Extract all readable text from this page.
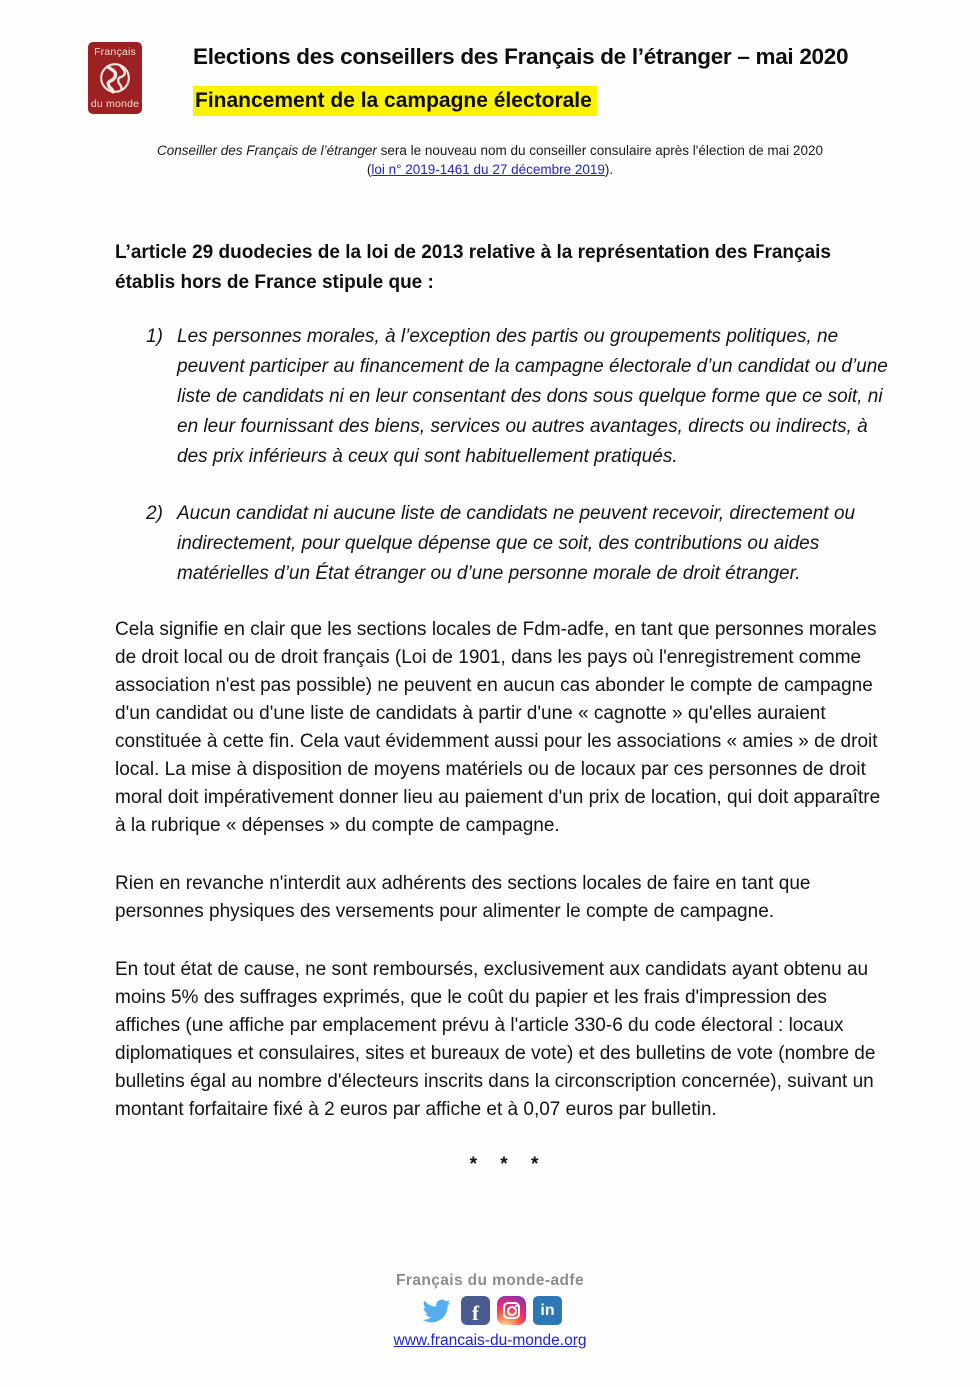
Français
du monde
Elections des conseillers des Français de l’étranger – mai 2020
Financement de la campagne électorale
Conseiller des Français de l’étranger sera le nouveau nom du conseiller consulaire après l'élection de mai 2020
(loi n° 2019-1461 du 27 décembre 2019).

L’article 29 duodecies de la loi de 2013 relative à la représentation des Français établis hors de France stipule que :

1) Les personnes morales, à l’exception des partis ou groupements politiques, ne peuvent participer au financement de la campagne électorale d’un candidat ou d’une liste de candidats ni en leur consentant des dons sous quelque forme que ce soit, ni en leur fournissant des biens, services ou autres avantages, directs ou indirects, à des prix inférieurs à ceux qui sont habituellement pratiqués.
2) Aucun candidat ni aucune liste de candidats ne peuvent recevoir, directement ou indirectement, pour quelque dépense que ce soit, des contributions ou aides matérielles d’un État étranger ou d’une personne morale de droit étranger.

Cela signifie en clair que les sections locales de Fdm-adfe, en tant que personnes morales de droit local ou de droit français (Loi de 1901, dans les pays où l'enregistrement comme association n'est pas possible) ne peuvent en aucun cas abonder le compte de campagne d'un candidat ou d'une liste de candidats à partir d'une « cagnotte » qu'elles auraient constituée à cette fin. Cela vaut évidemment aussi pour les associations « amies » de droit local. La mise à disposition de moyens matériels ou de locaux par ces personnes de droit moral doit impérativement donner lieu au paiement d'un prix de location, qui doit apparaître à la rubrique « dépenses » du compte de campagne.

Rien en revanche n'interdit aux adhérents des sections locales de faire en tant que personnes physiques des versements pour alimenter le compte de campagne.

En tout état de cause, ne sont remboursés, exclusivement aux candidats ayant obtenu au moins 5% des suffrages exprimés, que le coût du papier et les frais d'impression des affiches (une affiche par emplacement prévu à l'article 330-6 du code électoral : locaux diplomatiques et consulaires, sites et bureaux de vote) et des bulletins de vote (nombre de bulletins égal au nombre d'électeurs inscrits dans la circonscription concernée), suivant un montant forfaitaire fixé à 2 euros par affiche et à 0,07 euros par bulletin.

* * *
Français du monde-adfe
f	in
www.francais-du-monde.org
